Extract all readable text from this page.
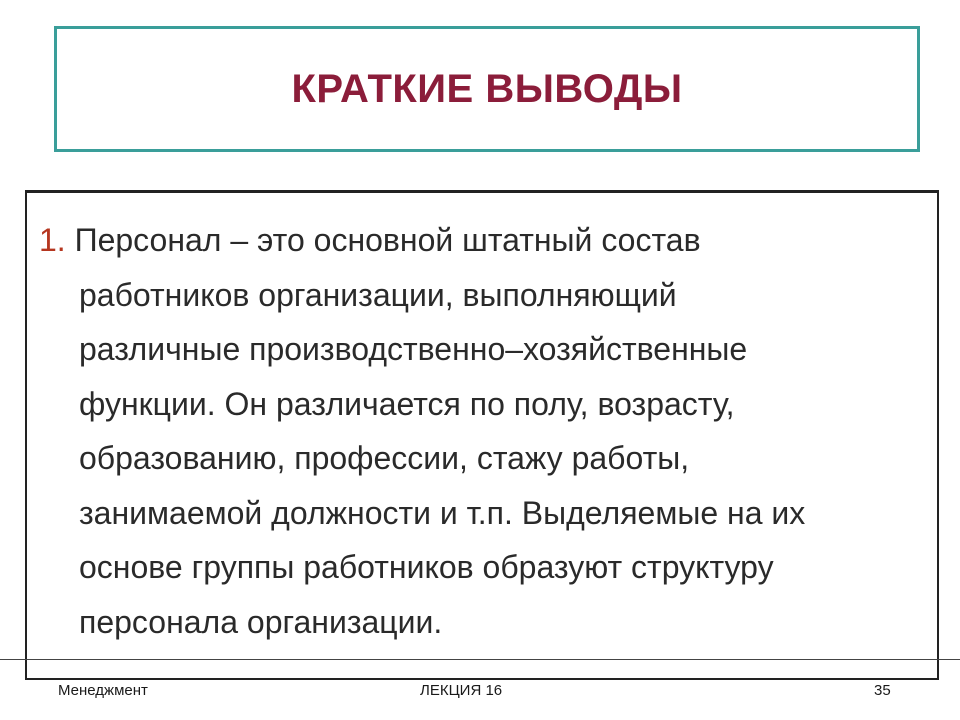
КРАТКИЕ ВЫВОДЫ
1. Персонал – это основной штатный состав
работников организации, выполняющий
различные производственно–хозяйственные
функции. Он различается по полу, возрасту,
образованию, профессии, стажу работы,
занимаемой должности и т.п. Выделяемые на их
основе группы работников образуют структуру
персонала организации.
Менеджмент	ЛЕКЦИЯ 16	35
